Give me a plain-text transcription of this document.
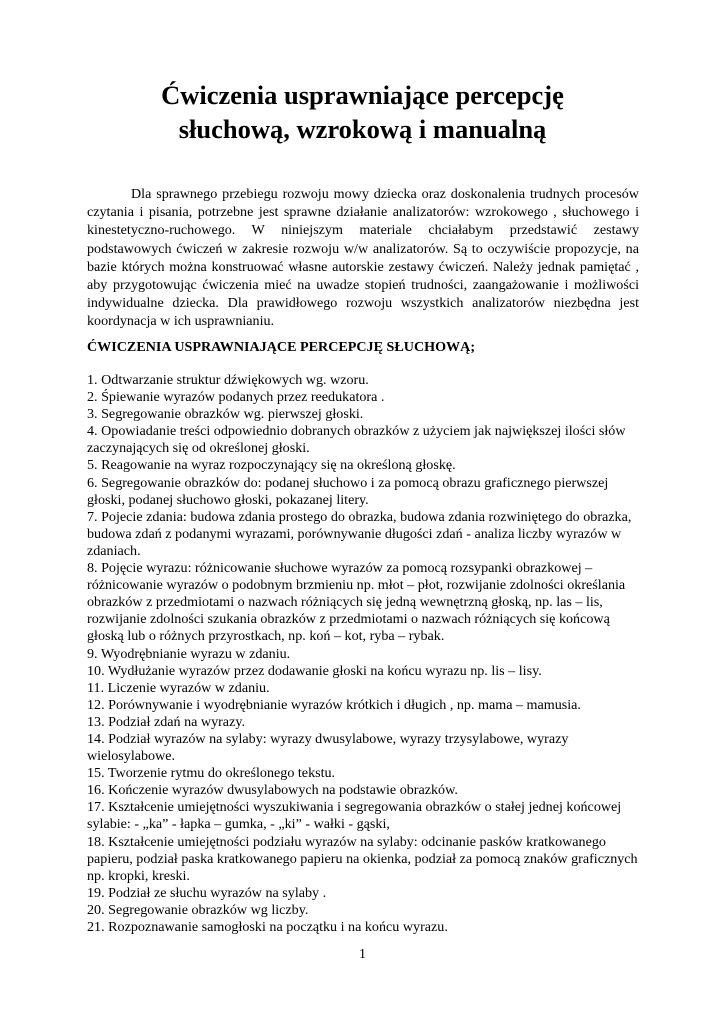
Ćwiczenia usprawniające percepcję
słuchową, wzrokową i manualną

Dla sprawnego przebiegu rozwoju mowy dziecka oraz doskonalenia trudnych procesów czytania i pisania, potrzebne jest sprawne działanie analizatorów: wzrokowego , słuchowego i kinestetyczno-ruchowego. W niniejszym materiale chciałabym przedstawić zestawy podstawowych ćwiczeń w zakresie rozwoju w/w analizatorów. Są to oczywiście propozycje, na bazie których można konstruować własne autorskie zestawy ćwiczeń. Należy jednak pamiętać , aby przygotowując ćwiczenia mieć na uwadze stopień trudności, zaangażowanie i możliwości indywidualne dziecka. Dla prawidłowego rozwoju wszystkich analizatorów niezbędna jest koordynacja w ich usprawnianiu.

ĆWICZENIA USPRAWNIAJĄCE PERCEPCJĘ SŁUCHOWĄ;

1. Odtwarzanie struktur dźwiękowych wg. wzoru.
2. Śpiewanie wyrazów podanych przez reedukatora .
3. Segregowanie obrazków wg. pierwszej głoski.
4. Opowiadanie treści odpowiednio dobranych obrazków z użyciem jak największej ilości słów zaczynających się od określonej głoski.
5. Reagowanie na wyraz rozpoczynający się na określoną głoskę.
6. Segregowanie obrazków do: podanej słuchowo i za pomocą obrazu graficznego pierwszej głoski, podanej słuchowo głoski, pokazanej litery.
7. Pojecie zdania: budowa zdania prostego do obrazka, budowa zdania rozwiniętego do obrazka, budowa zdań z podanymi wyrazami, porównywanie długości zdań - analiza liczby wyrazów w zdaniach.
8. Pojęcie wyrazu: różnicowanie słuchowe wyrazów za pomocą rozsypanki obrazkowej – różnicowanie wyrazów o podobnym brzmieniu np. młot – płot, rozwijanie zdolności określania obrazków z przedmiotami o nazwach różniących się jedną wewnętrzną głoską, np. las – lis, rozwijanie zdolności szukania obrazków z przedmiotami o nazwach różniących się końcową głoską lub o różnych przyrostkach, np. koń – kot, ryba – rybak.
9. Wyodrębnianie wyrazu w zdaniu.
10. Wydłużanie wyrazów przez dodawanie głoski na końcu wyrazu np. lis – lisy.
11. Liczenie wyrazów w zdaniu.
12. Porównywanie i wyodrębnianie wyrazów krótkich i długich , np. mama – mamusia.
13. Podział zdań na wyrazy.
14. Podział wyrazów na sylaby: wyrazy dwusylabowe, wyrazy trzysylabowe, wyrazy wielosylabowe.
15. Tworzenie rytmu do określonego tekstu.
16. Kończenie wyrazów dwusylabowych na podstawie obrazków.
17. Kształcenie umiejętności wyszukiwania i segregowania obrazków o stałej jednej końcowej sylabie: - „ka” - łapka – gumka, - „ki” - wałki - gąski,
18. Kształcenie umiejętności podziału wyrazów na sylaby: odcinanie pasków kratkowanego papieru, podział paska kratkowanego papieru na okienka, podział za pomocą znaków graficznych np. kropki, kreski.
19. Podział ze słuchu wyrazów na sylaby .
20. Segregowanie obrazków wg liczby.
21. Rozpoznawanie samogłoski na początku i na końcu wyrazu.

1
